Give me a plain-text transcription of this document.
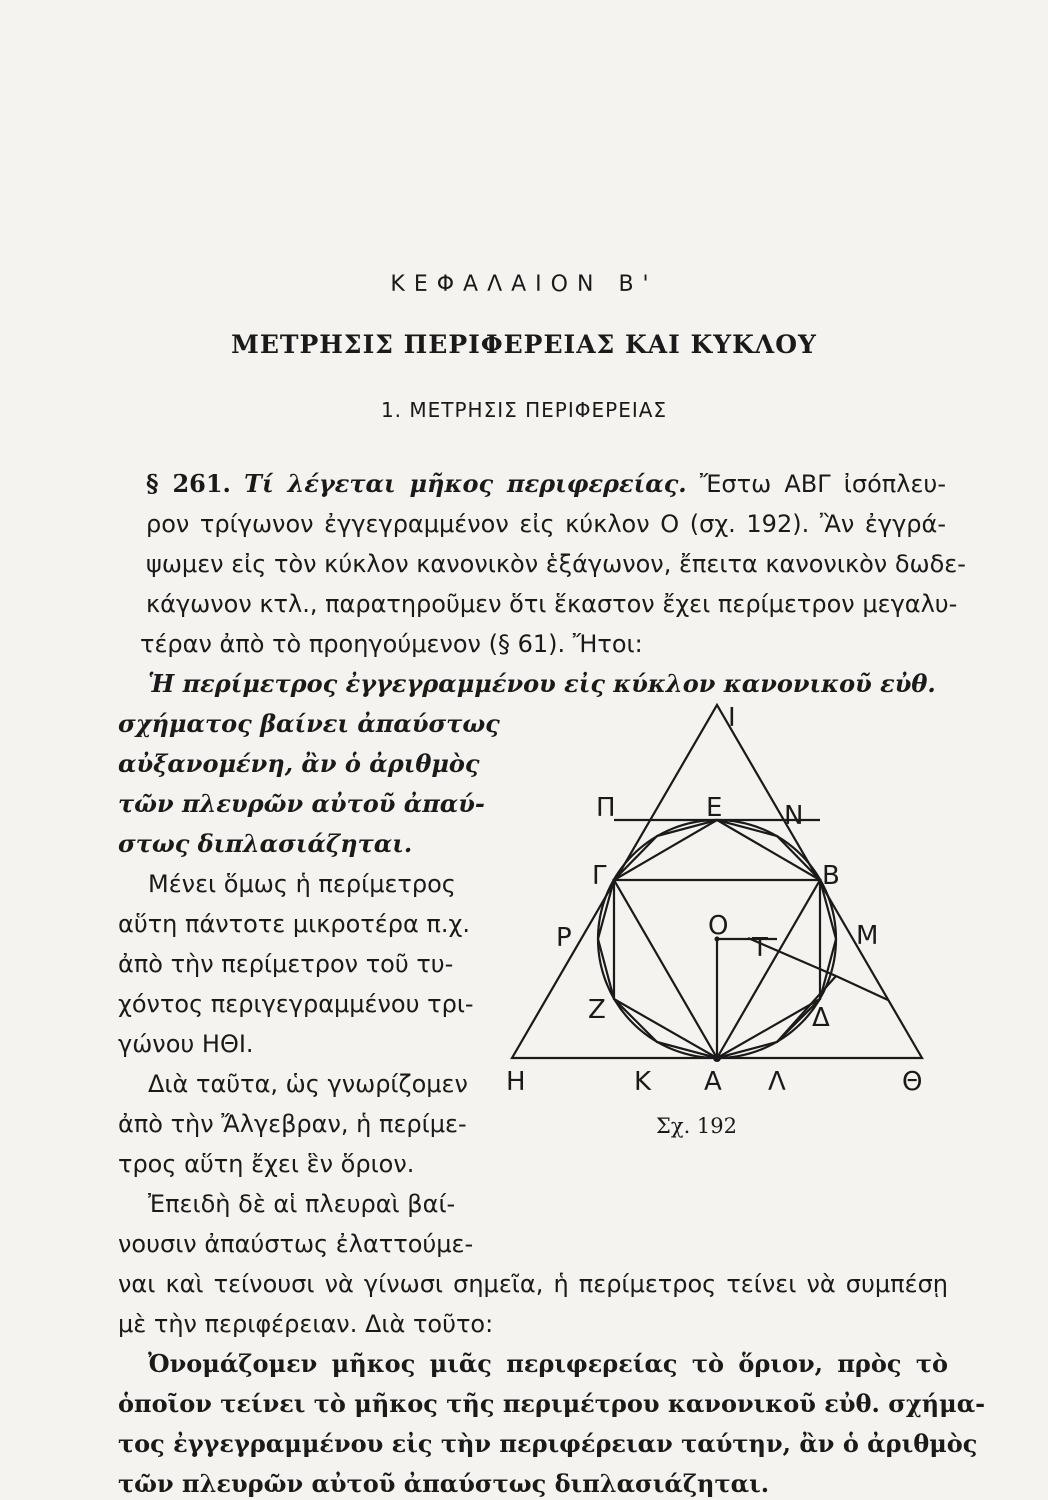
ΚΕΦΑΛΑΙΟΝ Β'
ΜΕΤΡΗΣΙΣ ΠΕΡΙΦΕΡΕΙΑΣ ΚΑΙ ΚΥΚΛΟΥ
1. ΜΕΤΡΗΣΙΣ ΠΕΡΙΦΕΡΕΙΑΣ
§ 261. Τί λέγεται μῆκος περιφερείας. Ἔστω ΑΒΓ ἰσόπλευ-
ρον τρίγωνον ἐγγεγραμμένον εἰς κύκλον Ο (σχ. 192). Ἂν ἐγγρά-
ψωμεν εἰς τὸν κύκλον κανονικὸν ἑξάγωνον, ἔπειτα κανονικὸν δωδε-
κάγωνον κτλ., παρατηροῦμεν ὅτι ἕκαστον ἔχει περίμετρον μεγαλυ-
τέραν ἀπὸ τὸ προηγούμενον (§ 61). Ἤτοι:
Ἡ περίμετρος ἐγγεγραμμένου εἰς κύκλον κανονικοῦ εὐθ.
σχήματος βαίνει ἀπαύστως
αὐξανομένη, ἂν ὁ ἀριθμὸς
τῶν πλευρῶν αὐτοῦ ἀπαύ-
στως διπλασιάζηται.
Μένει ὅμως ἡ περίμετρος
αὕτη πάντοτε μικροτέρα π.χ.
ἀπὸ τὴν περίμετρον τοῦ τυ-
χόντος περιγεγραμμένου τρι-
γώνου ΗΘΙ.
Διὰ ταῦτα, ὡς γνωρίζομεν
ἀπὸ τὴν Ἄλγεβραν, ἡ περίμε-
τρος αὕτη ἔχει ἓν ὅριον.
Ἐπειδὴ δὲ αἱ πλευραὶ βαί-
νουσιν ἀπαύστως ἐλαττούμε-
ναι καὶ τείνουσι νὰ γίνωσι σημεῖα, ἡ περίμετρος τείνει νὰ συμπέσῃ
μὲ τὴν περιφέρειαν. Διὰ τοῦτο:
Ὀνομάζομεν μῆκος μιᾶς περιφερείας τὸ ὅριον, πρὸς τὸ
ὁποῖον τείνει τὸ μῆκος τῆς περιμέτρου κανονικοῦ εὐθ. σχήμα-
τος ἐγγεγραμμένου εἰς τὴν περιφέρειαν ταύτην, ἂν ὁ ἀριθμὸς
τῶν πλευρῶν αὐτοῦ ἀπαύστως διπλασιάζηται.
Ι
Π	Ε Ν
Γ	Β
Ρ	Ο
Τ	Μ
Ζ	Δ
Η	Κ Α Λ	Θ
Σχ. 192
